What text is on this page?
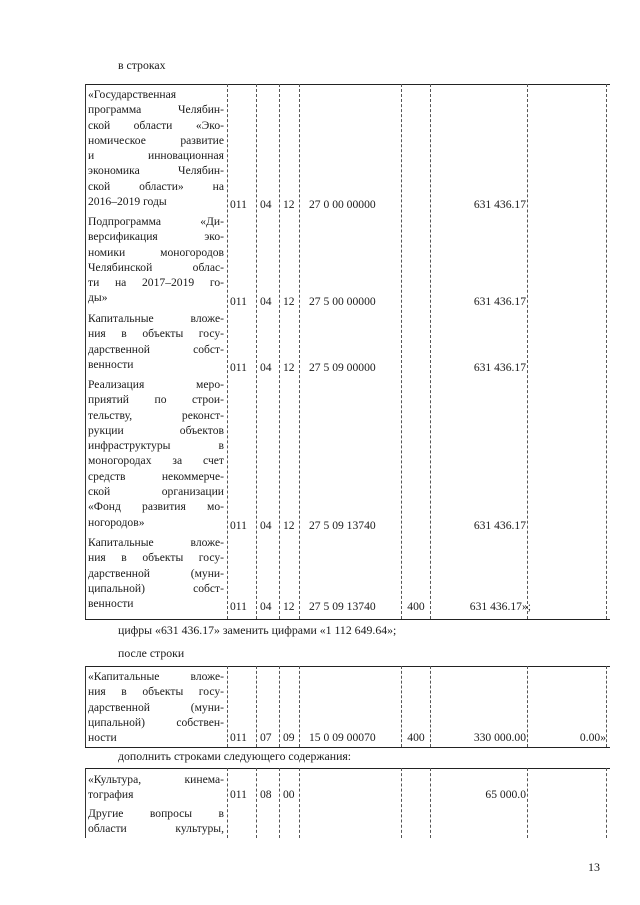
в строках
«Государственная
программа Челябин-
ской области «Эко-
номическое развитие
и инновационная
экономика Челябин-
ской области» на
2016–2019 годы	011 04 12 27 0 00 00000	631 436.17
Подпрограмма «Ди-
версификация эко-
номики моногородов
Челябинской облас-
ти на 2017–2019 го-
ды»	011 04 12 27 5 00 00000	631 436.17
Капитальные вложе-
ния в объекты госу-
дарственной собст-
венности	011 04 12 27 5 09 00000	631 436.17
Реализация меро-
приятий по строи-
тельству, реконст-
рукции объектов
инфраструктуры в
моногородах за счет
средств некоммерче-
ской организации
«Фонд развития мо-
ногородов»	011 04 12 27 5 09 13740	631 436.17
Капитальные вложе-
ния в объекты госу-
дарственной (муни-
ципальной) собст-
венности	011 04 12 27 5 09 13740	400	631 436.17»;
цифры «631 436.17» заменить цифрами «1 112 649.64»;
после строки
«Капитальные вложе-
ния в объекты госу-
дарственной (муни-
ципальной) собствен-
ности	011 07 09 15 0 09 00070	400	330 000.00	0.00»
дополнить строками следующего содержания:
«Культура, кинема-
тография	011 08 00	65 000.0
Другие вопросы в
области культуры,
13
